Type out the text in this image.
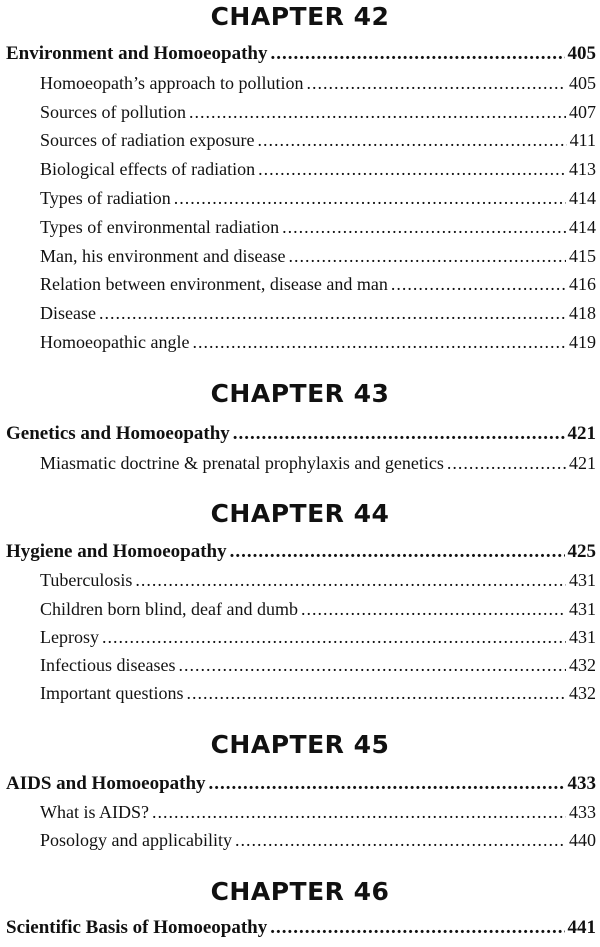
CHAPTER 42
Environment and Homoeopathy .....	405
Homoeopath’s approach to pollution .....	405
Sources of pollution .....	407
Sources of radiation exposure .....	411
Biological effects of radiation .....	413
Types of radiation .....	414
Types of environmental radiation .....	414
Man, his environment and disease .....	415
Relation between environment, disease and man .....	416
Disease .....	418
Homoeopathic angle .....	419
CHAPTER 43
Genetics and Homoeopathy .....	421
Miasmatic doctrine & prenatal prophylaxis and genetics .....	421
CHAPTER 44
Hygiene and Homoeopathy .....	425
Tuberculosis .....	431
Children born blind, deaf and dumb .....	431
Leprosy .....	431
Infectious diseases .....	432
Important questions .....	432
CHAPTER 45
AIDS and Homoeopathy .....	433
What is AIDS? .....	433
Posology and applicability .....	440
CHAPTER 46
Scientific Basis of Homoeopathy .....	441
